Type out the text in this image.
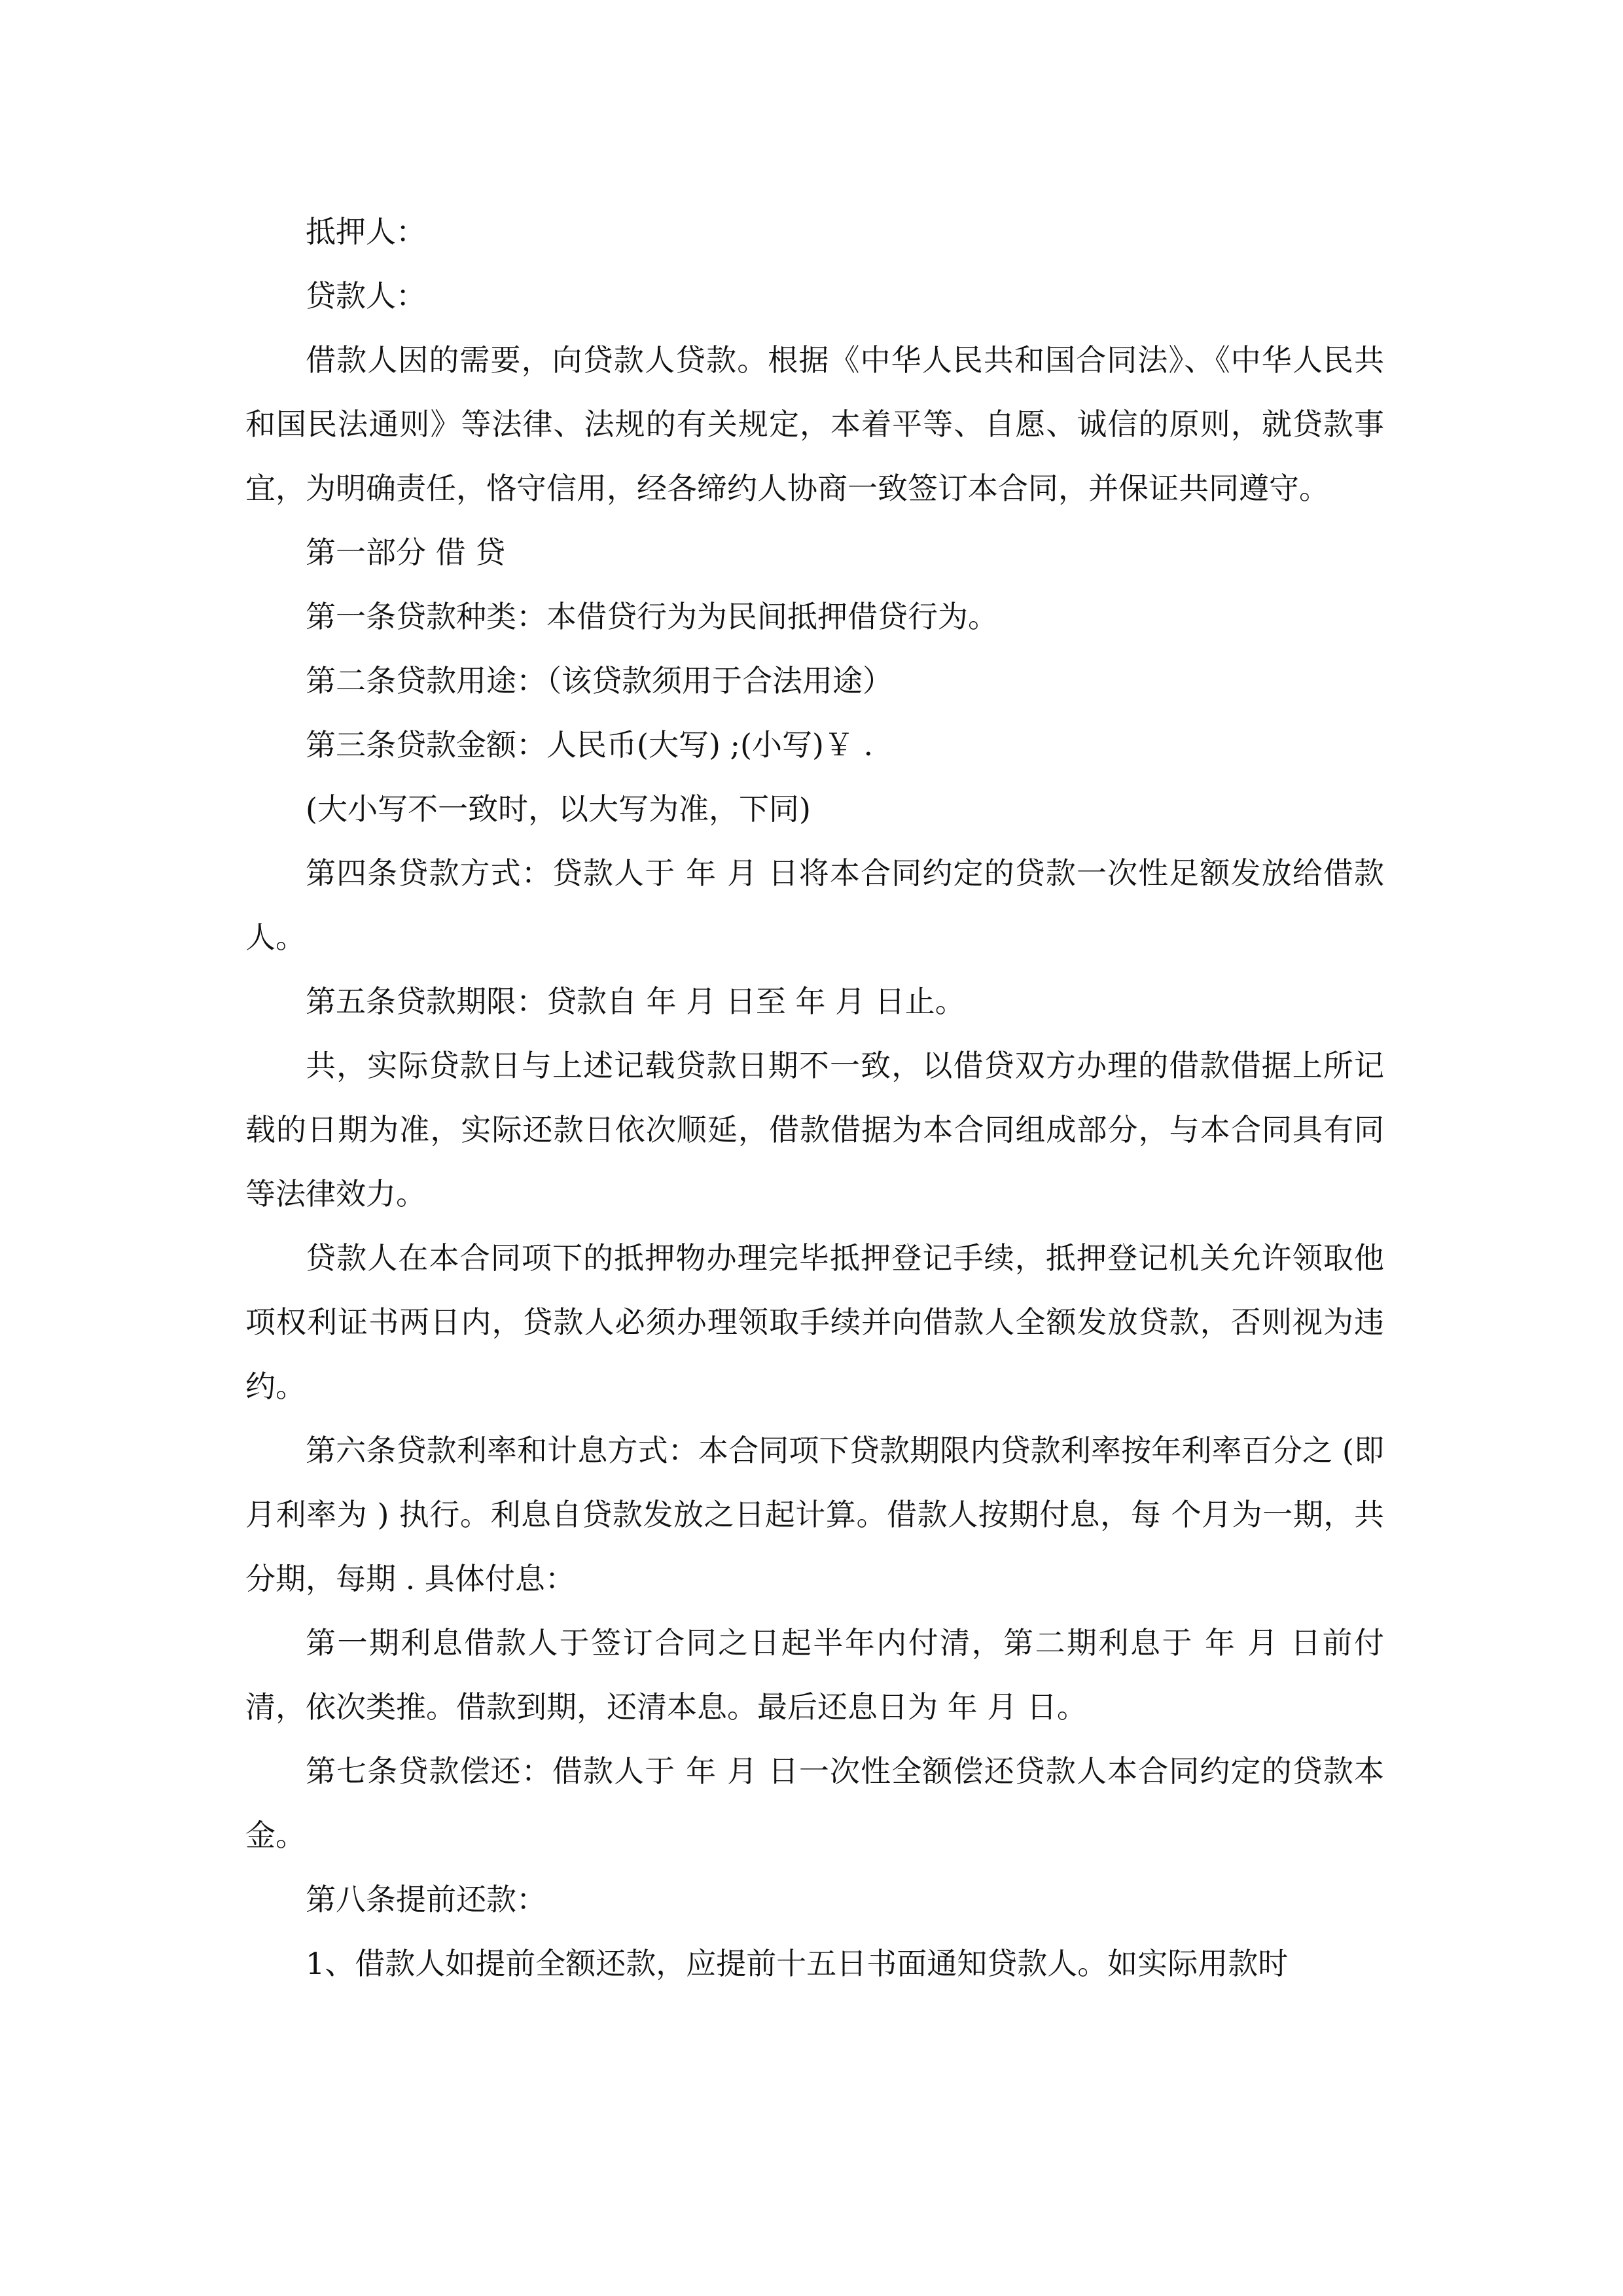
抵押人：

贷款人：

借款人因的需要，向贷款人贷款。根据《中华人民共和国合同法》、《中华人民共和国民法通则》等法律、法规的有关规定，本着平等、自愿、诚信的原则，就贷款事宜，为明确责任，恪守信用，经各缔约人协商一致签订本合同，并保证共同遵守。

第一部分 借 贷

第一条贷款种类：本借贷行为为民间抵押借贷行为。

第二条贷款用途：（该贷款须用于合法用途）

第三条贷款金额：人民币(大写) ;(小写)￥ .

(大小写不一致时，以大写为准，下同)

第四条贷款方式：贷款人于 年 月 日将本合同约定的贷款一次性足额发放给借款人。

第五条贷款期限：贷款自 年 月 日至 年 月 日止。

共，实际贷款日与上述记载贷款日期不一致，以借贷双方办理的借款借据上所记载的日期为准，实际还款日依次顺延，借款借据为本合同组成部分，与本合同具有同等法律效力。

贷款人在本合同项下的抵押物办理完毕抵押登记手续，抵押登记机关允许领取他项权利证书两日内，贷款人必须办理领取手续并向借款人全额发放贷款，否则视为违约。

第六条贷款利率和计息方式：本合同项下贷款期限内贷款利率按年利率百分之 (即月利率为 ) 执行。利息自贷款发放之日起计算。借款人按期付息，每 个月为一期，共分期，每期 . 具体付息：

第一期利息借款人于签订合同之日起半年内付清，第二期利息于 年 月 日前付清，依次类推。借款到期，还清本息。最后还息日为 年 月 日。

第七条贷款偿还：借款人于 年 月 日一次性全额偿还贷款人本合同约定的贷款本金。

第八条提前还款：

1、借款人如提前全额还款，应提前十五日书面通知贷款人。如实际用款时
